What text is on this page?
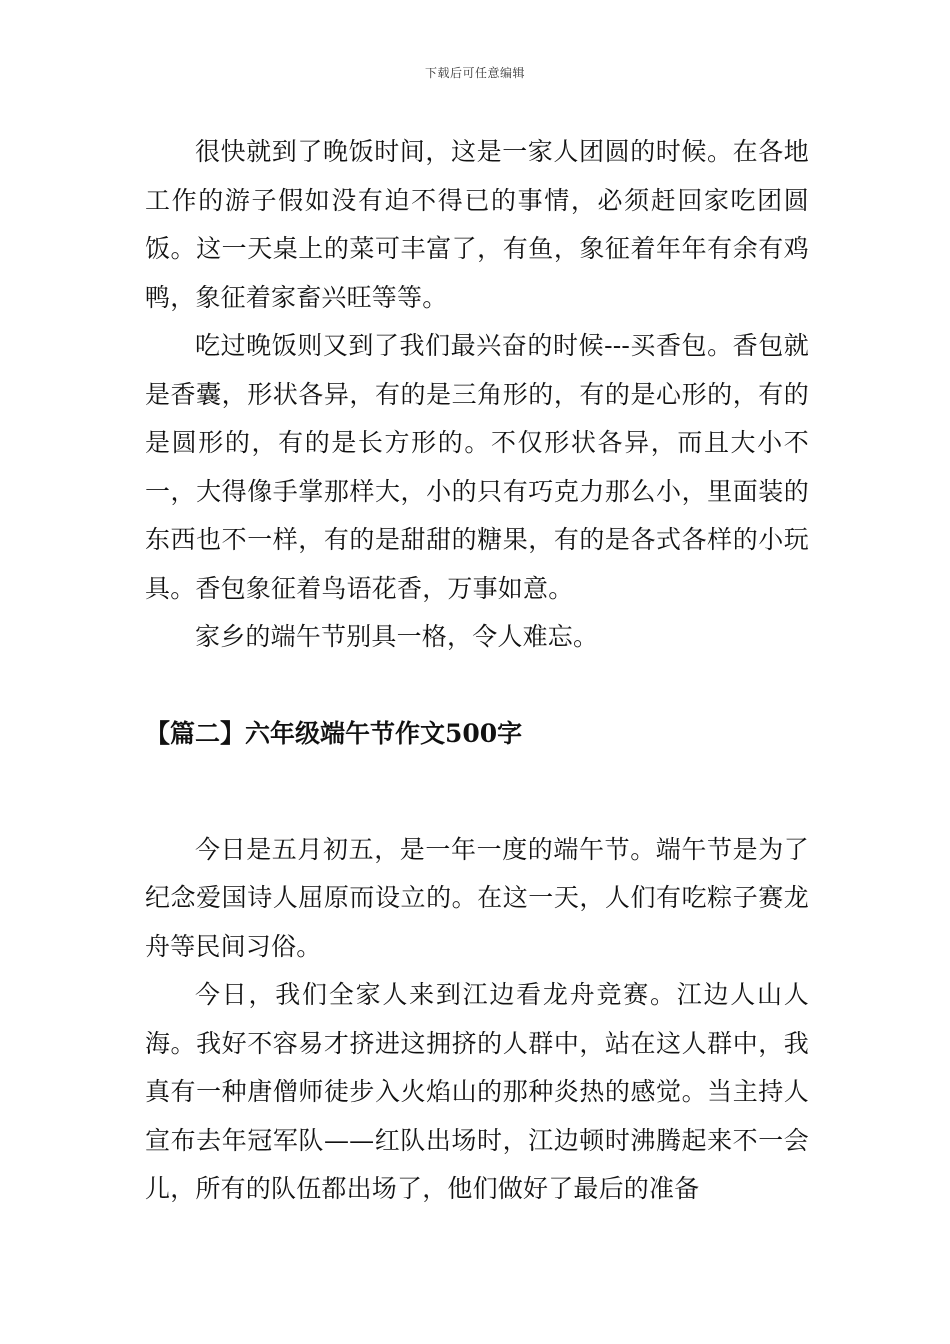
下载后可任意编辑

很快就到了晚饭时间，这是一家人团圆的时候。在各地工作的游子假如没有迫不得已的事情，必须赶回家吃团圆饭。这一天桌上的菜可丰富了，有鱼，象征着年年有余有鸡鸭，象征着家畜兴旺等等。

吃过晚饭则又到了我们最兴奋的时候---买香包。香包就是香囊，形状各异，有的是三角形的，有的是心形的，有的是圆形的，有的是长方形的。不仅形状各异，而且大小不一，大得像手掌那样大，小的只有巧克力那么小，里面装的东西也不一样，有的是甜甜的糖果，有的是各式各样的小玩具。香包象征着鸟语花香，万事如意。

家乡的端午节别具一格，令人难忘。

【篇二】六年级端午节作文500字

今日是五月初五，是一年一度的端午节。端午节是为了纪念爱国诗人屈原而设立的。在这一天，人们有吃粽子赛龙舟等民间习俗。

今日，我们全家人来到江边看龙舟竞赛。江边人山人海。我好不容易才挤进这拥挤的人群中，站在这人群中，我真有一种唐僧师徒步入火焰山的那种炎热的感觉。当主持人宣布去年冠军队——红队出场时，江边顿时沸腾起来不一会儿，所有的队伍都出场了，他们做好了最后的准备
